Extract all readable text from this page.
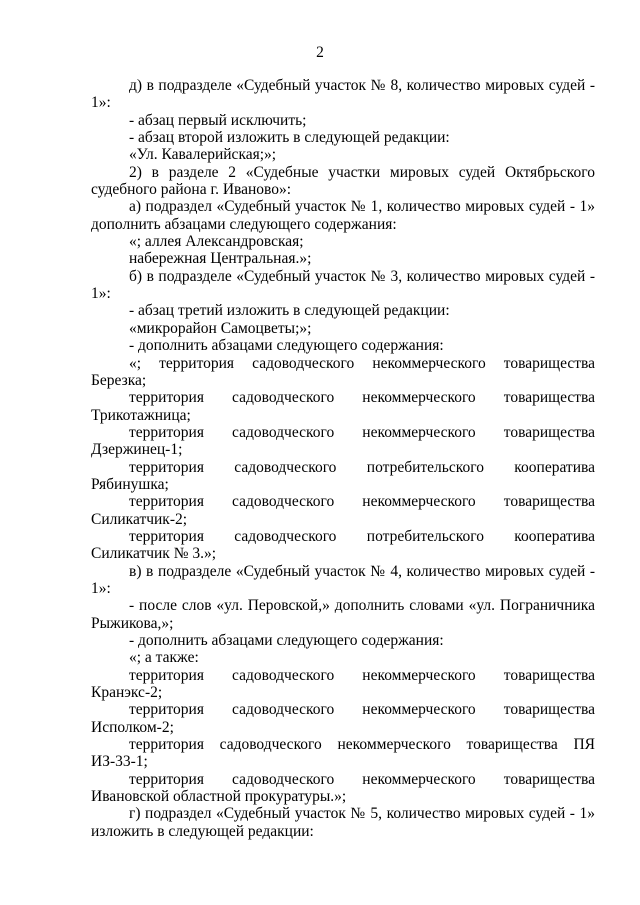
2

д) в подразделе «Судебный участок № 8, количество мировых судей - 1»:

- абзац первый исключить;

- абзац второй изложить в следующей редакции:

«Ул. Кавалерийская;»;

2) в разделе 2 «Судебные участки мировых судей Октябрьского судебного района г. Иваново»:

а) подраздел «Судебный участок № 1, количество мировых судей - 1» дополнить абзацами следующего содержания:

«; аллея Александровская;

набережная Центральная.»;

б) в подразделе «Судебный участок № 3, количество мировых судей - 1»:

- абзац третий изложить в следующей редакции:

«микрорайон Самоцветы;»;

- дополнить абзацами следующего содержания:

«; территория садоводческого некоммерческого товарищества Березка;

территория садоводческого некоммерческого товарищества Трикотажница;

территория садоводческого некоммерческого товарищества Дзержинец-1;

территория садоводческого потребительского кооператива Рябинушка;

территория садоводческого некоммерческого товарищества Силикатчик-2;

территория садоводческого потребительского кооператива Силикатчик № 3.»;

в) в подразделе «Судебный участок № 4, количество мировых судей - 1»:

- после слов «ул. Перовской,» дополнить словами «ул. Пограничника Рыжикова,»;

- дополнить абзацами следующего содержания:

«; а также:

территория садоводческого некоммерческого товарищества Кранэкс-2;

территория садоводческого некоммерческого товарищества Исполком-2;

территория садоводческого некоммерческого товарищества ПЯ ИЗ-33-1;

территория садоводческого некоммерческого товарищества Ивановской областной прокуратуры.»;

г) подраздел «Судебный участок № 5, количество мировых судей - 1» изложить в следующей редакции:
